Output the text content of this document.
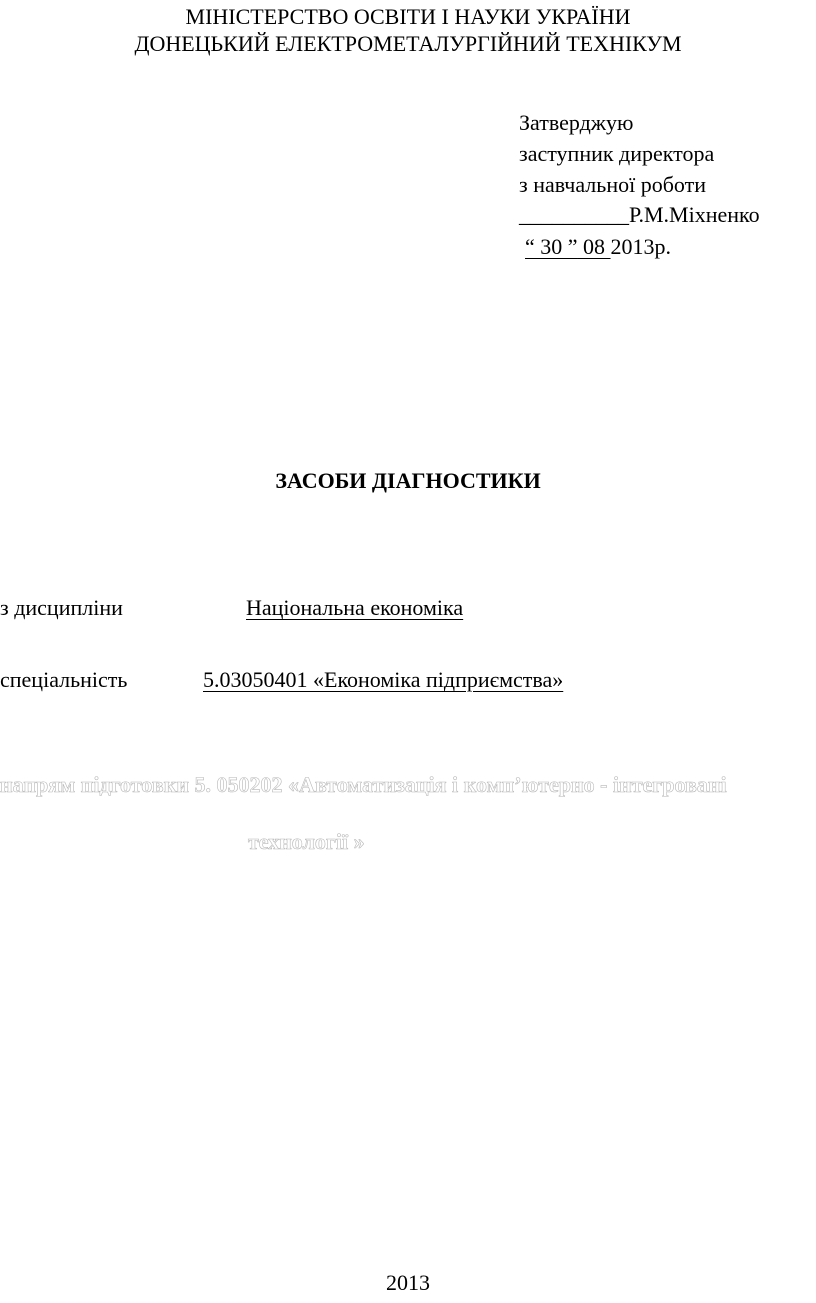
МІНІСТЕРСТВО ОСВІТИ І НАУКИ УКРАЇНИ
ДОНЕЦЬКИЙ ЕЛЕКТРОМЕТАЛУРГІЙНИЙ ТЕХНІКУМ
Затверджую
заступник директора
з навчальної роботи
__________Р.М.Міхненко
“ 30 ” 08 2013р.
ЗАСОБИ ДІАГНОСТИКИ
з дисципліни	Національна економіка
спеціальність	5.03050401 «Економіка підприємства»
напрям підготовки 5. 050202 «Автоматизація і комп’ютерно - інтегровані
технології »
2013
